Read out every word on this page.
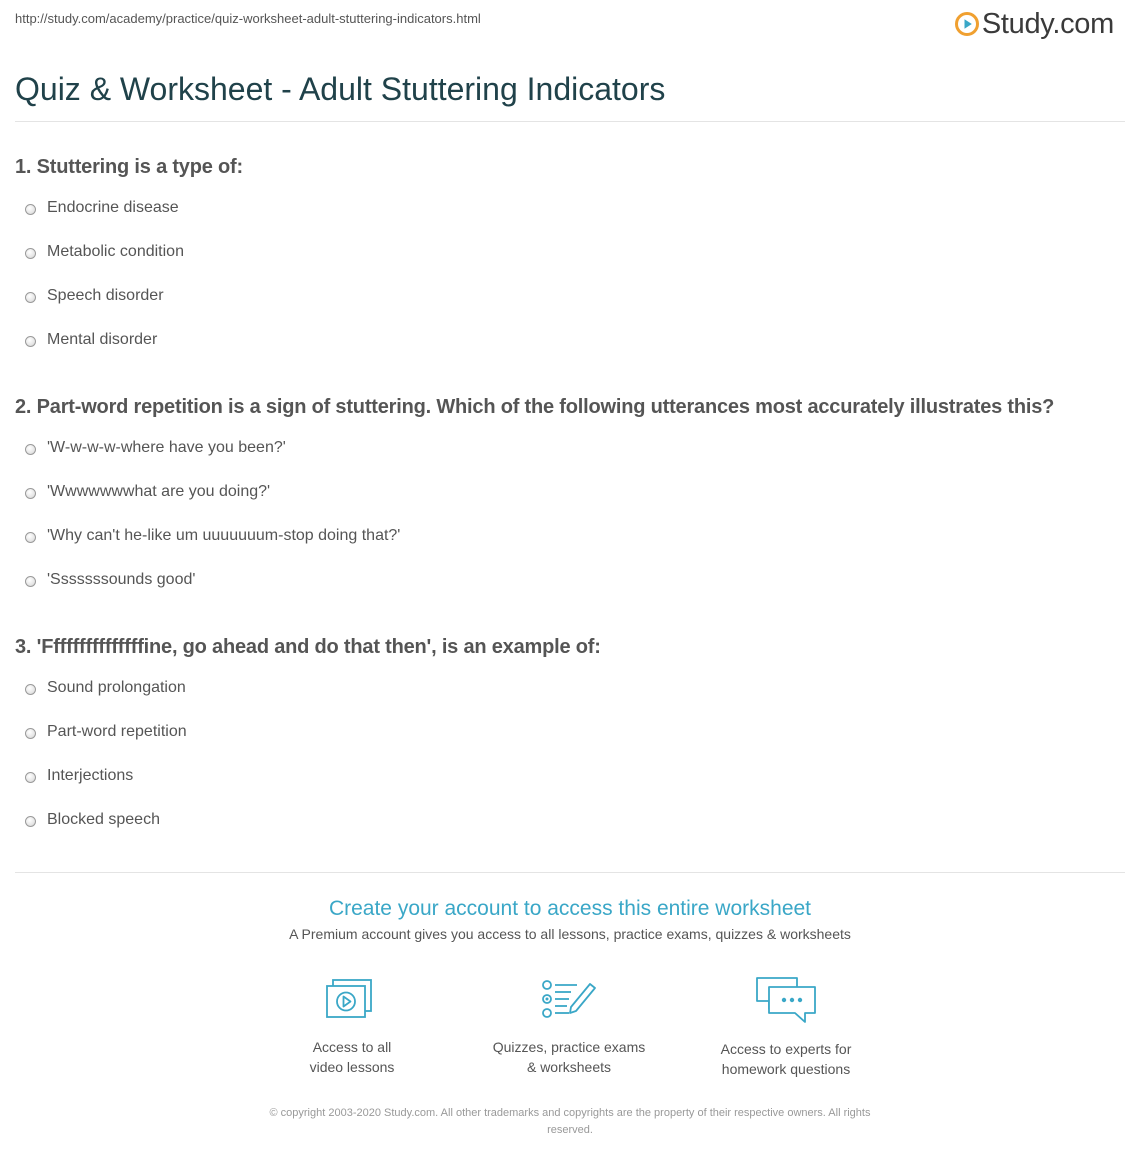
http://study.com/academy/practice/quiz-worksheet-adult-stuttering-indicators.html	Study.com
Quiz & Worksheet - Adult Stuttering Indicators
1. Stuttering is a type of:
Endocrine disease
Metabolic condition
Speech disorder
Mental disorder
2. Part-word repetition is a sign of stuttering. Which of the following utterances most accurately illustrates this?
'W-w-w-w-where have you been?'
'Wwwwwwwhat are you doing?'
'Why can't he-like um uuuuuuum-stop doing that?'
'Sssssssounds good'
3. 'Fffffffffffffffine, go ahead and do that then', is an example of:
Sound prolongation
Part-word repetition
Interjections
Blocked speech
Create your account to access this entire worksheet
A Premium account gives you access to all lessons, practice exams, quizzes & worksheets
Access to all
video lessons
Quizzes, practice exams
& worksheets
Access to experts for
homework questions
© copyright 2003-2020 Study.com. All other trademarks and copyrights are the property of their respective owners. All rights
reserved.
